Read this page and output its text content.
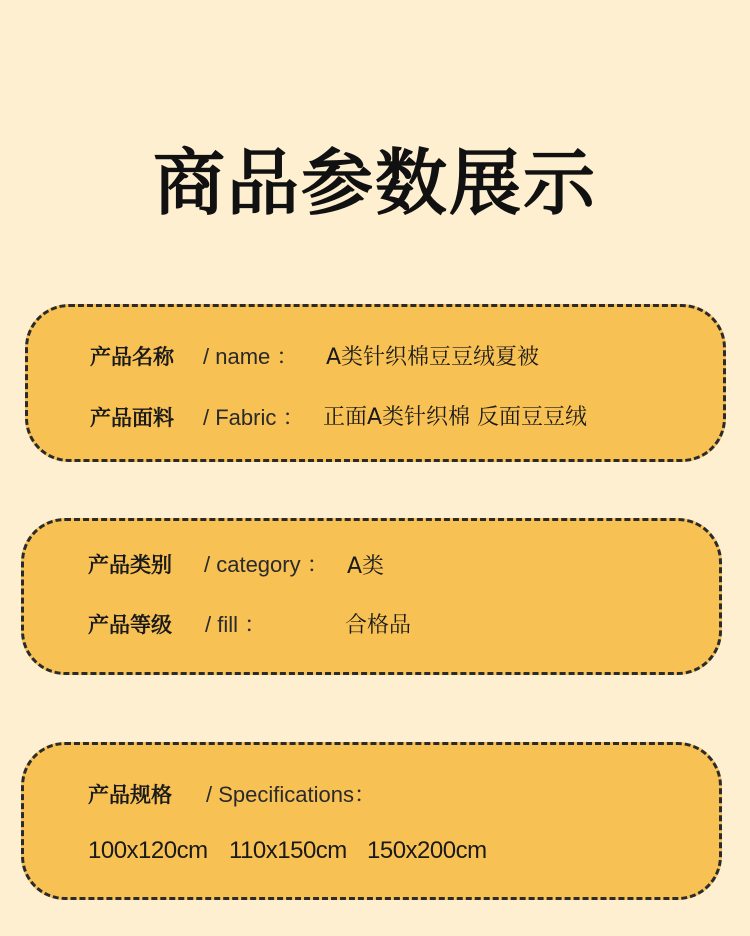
商品参数展示
产品名称 / name ： A类针织棉豆豆绒夏被
产品面料 / Fabric ： 正面A类针织棉 反面豆豆绒
产品类别 / category ： A类
产品等级 / fill ：	合格品
产品规格 / Specifications：
100x120cm 110x150cm 150x200cm
